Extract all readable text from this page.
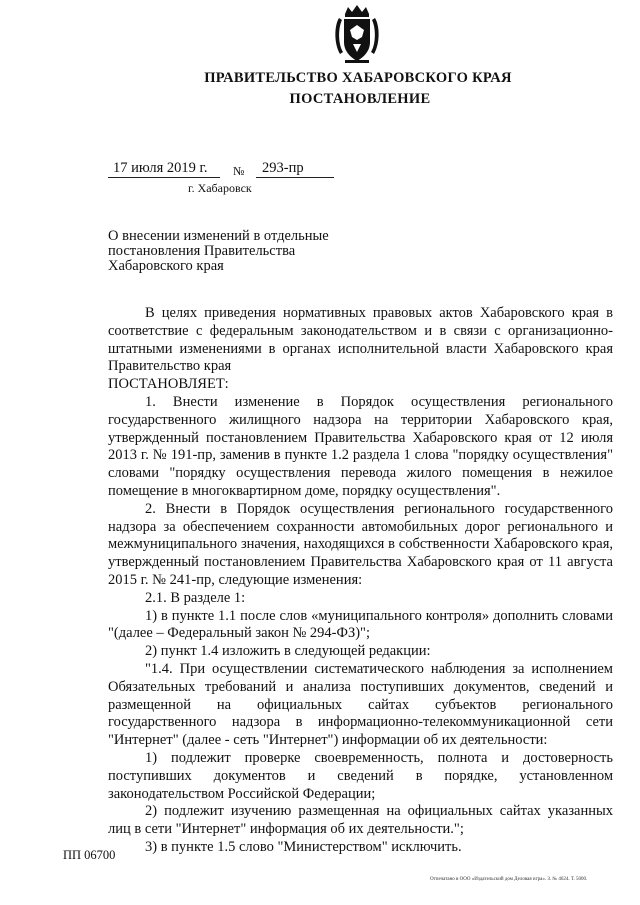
ПРАВИТЕЛЬСТВО ХАБАРОВСКОГО КРАЯ
ПОСТАНОВЛЕНИЕ
17 июля 2019 г. № 293-пр
г. Хабаровск
О внесении изменений в отдельные постановления Правительства Хабаровского края

В целях приведения нормативных правовых актов Хабаровского края в соответствие с федеральным законодательством и в связи с организационно-штатными изменениями в органах исполнительной власти Хабаровского края Правительство края

ПОСТАНОВЛЯЕТ:

1. Внести изменение в Порядок осуществления регионального государственного жилищного надзора на территории Хабаровского края, утвержденный постановлением Правительства Хабаровского края от 12 июля 2013 г. № 191-пр, заменив в пункте 1.2 раздела 1 слова "порядку осуществления" словами "порядку осуществления перевода жилого помещения в нежилое помещение в многоквартирном доме, порядку осуществления".

2. Внести в Порядок осуществления регионального государственного надзора за обеспечением сохранности автомобильных дорог регионального и межмуниципального значения, находящихся в собственности Хабаровского края, утвержденный постановлением Правительства Хабаровского края от 11 августа 2015 г. № 241-пр, следующие изменения:

2.1. В разделе 1:

1) в пункте 1.1 после слов «муниципального контроля» дополнить словами "(далее – Федеральный закон № 294-ФЗ)";

2) пункт 1.4 изложить в следующей редакции:

"1.4. При осуществлении систематического наблюдения за исполнением Обязательных требований и анализа поступивших документов, сведений и размещенной на официальных сайтах субъектов регионального государственного надзора в информационно-телекоммуникационной сети "Интернет" (далее - сеть "Интернет") информации об их деятельности:

1) подлежит проверке своевременность, полнота и достоверность поступивших документов и сведений в порядке, установленном законодательством Российской Федерации;

2) подлежит изучению размещенная на официальных сайтах указанных лиц в сети "Интернет" информация об их деятельности.";

3) в пункте 1.5 слово "Министерством" исключить.

ПП 06700
Отпечатано в ООО «Издательский дом Деловая игра». З. № 4624. Т. 5000.
